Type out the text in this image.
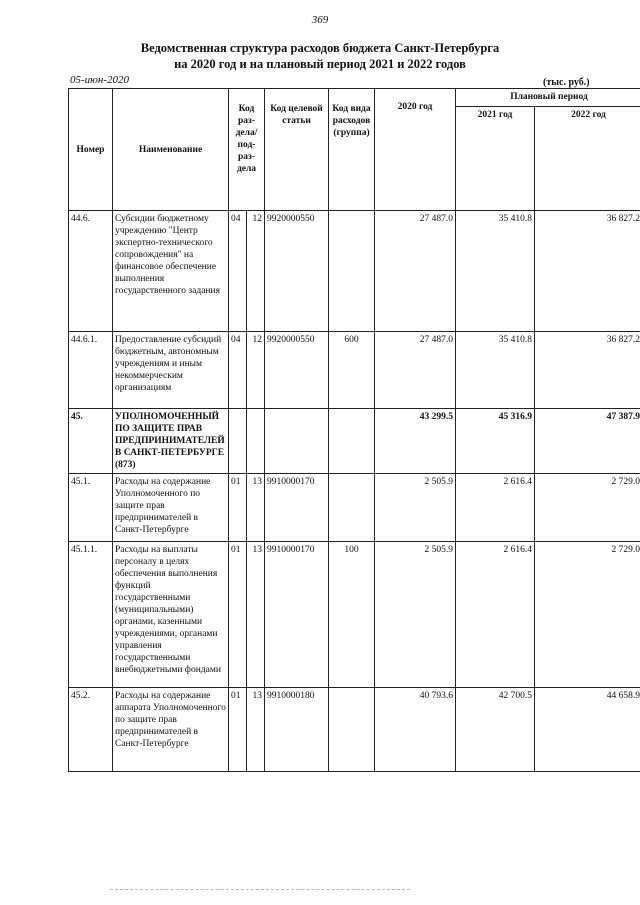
369
Ведомственная структура расходов бюджета Санкт-Петербурга
на 2020 год и на плановый период 2021 и 2022 годов
05-июн-2020	(тыс. руб.)
Номер	Наименование	Код раз-дела/ под-раз-дела		Код целевой статьи	Код вида расходов (группа)	2020 год	Плановый период	
							2021 год	2022 год
44.6.	Субсидии бюджетному учреждению "Центр экспертно-технического сопровождения" на финансовое обеспечение выполнения государственного задания	04	12	9920000550		27 487.0	35 410.8	36 827.2
44.6.1.	Предоставление субсидий бюджетным, автономным учреждениям и иным некоммерческим организациям	04	12	9920000550	600	27 487.0	35 410.8	36 827.2
45.	УПОЛНОМОЧЕННЫЙ ПО ЗАЩИТЕ ПРАВ ПРЕДПРИНИМАТЕЛЕЙ В САНКТ-ПЕТЕРБУРГЕ (873)					43 299.5	45 316.9	47 387.9
45.1.	Расходы на содержание Уполномоченного по защите прав предпринимателей в Санкт-Петербурге	01	13	9910000170		2 505.9	2 616.4	2 729.0
45.1.1.	Расходы на выплаты персоналу в целях обеспечения выполнения функций государственными (муниципальными) органами, казенными учреждениями, органами управления государственными внебюджетными фондами	01	13	9910000170	100	2 505.9	2 616.4	2 729.0
45.2.	Расходы на содержание аппарата Уполномоченного по защите прав предпринимателей в Санкт-Петербурге	01	13	9910000180		40 793.6	42 700.5	44 658.9
